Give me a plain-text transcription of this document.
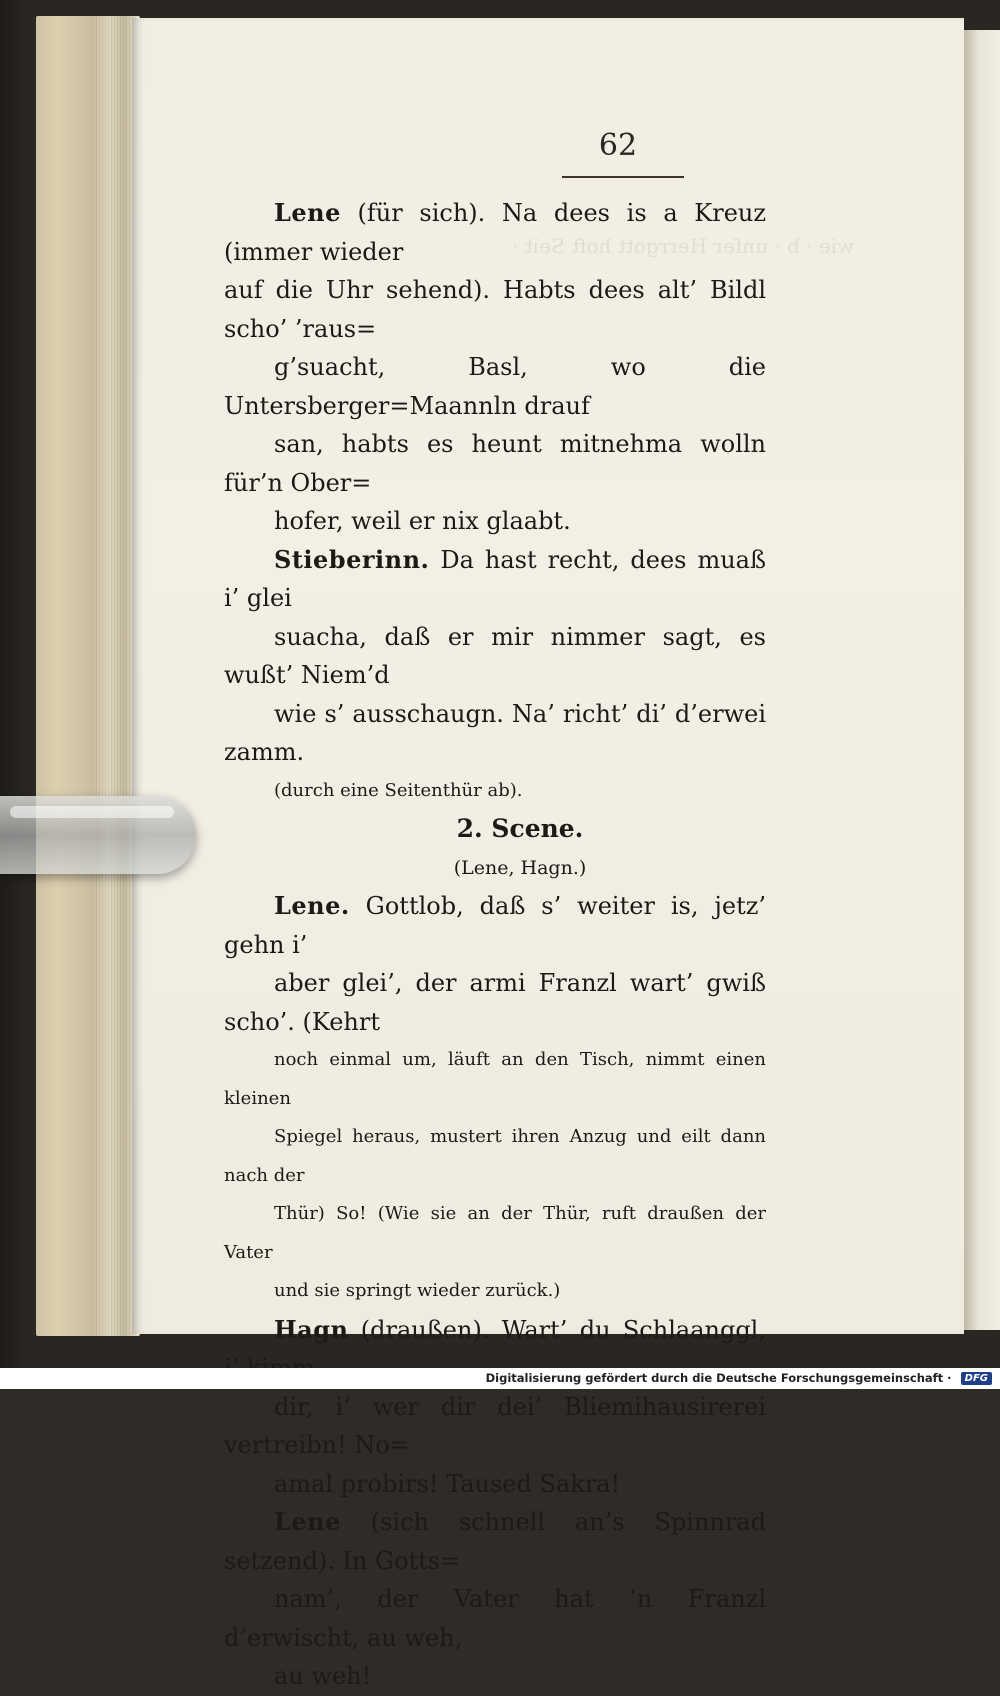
wie · b · unfer Herrgott hoft Seit ·
62

Lene (für sich). Na dees is a Kreuz (immer wieder
auf die Uhr sehend). Habts dees alt’ Bildl scho’ ’raus=
g’suacht, Basl, wo die Untersberger=Maannln drauf
san, habts es heunt mitnehma wolln für’n Ober=
hofer, weil er nix glaabt.

Stieberinn. Da hast recht, dees muaß i’ glei
suacha, daß er mir nimmer sagt, es wußt’ Niem’d
wie s’ ausschaugn. Na’ richt’ di’ d’erwei zamm.
(durch eine Seitenthür ab).

2. Scene.

(Lene, Hagn.)

Lene. Gottlob, daß s’ weiter is, jetz’ gehn i’
aber glei’, der armi Franzl wart’ gwiß scho’. (Kehrt
noch einmal um, läuft an den Tisch, nimmt einen kleinen
Spiegel heraus, mustert ihren Anzug und eilt dann nach der
Thür) So! (Wie sie an der Thür, ruft draußen der Vater
und sie springt wieder zurück.)

Hagn (draußen). Wart’ du Schlaanggl,
dir, i’ wer dir dei’ Bliemihausirerei vertreibn! No=
amal probirs! Taused Sakra!

Lene (sich schnell an’s Spinnrad setzend). In Gotts=
nam’, der Vater hat ’n Franzl d’erwischt, au weh,
au weh!

Digitalisierung gefördert durch die Deutsche Forschungsgemeinschaft · DFG
